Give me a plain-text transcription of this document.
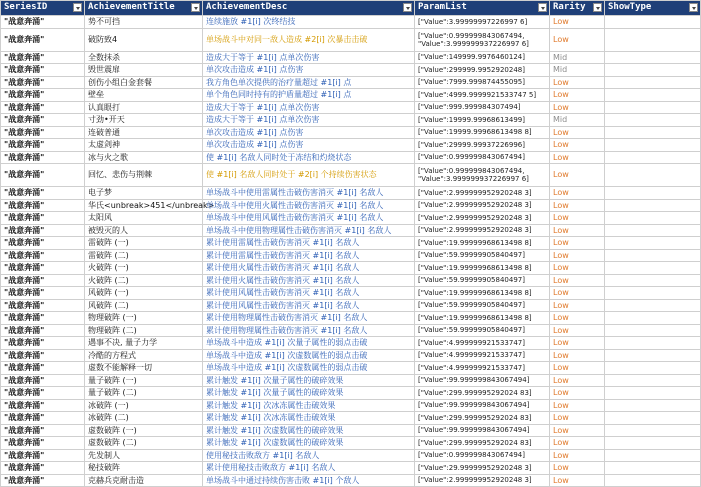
SeriesID	AchievementTitle	AchievementDesc	ParamList	Rarity	ShowType

"战意奔涌"	势不可挡	连续施放 #1[i] 次终结技	["Value":3.99999997226997 6]	Low	
"战意奔涌"	破防致4	单场战斗中对同一敌人造成 #2[i] 次暴击击破	["Value":0.999999843067494,
"Value":3.999999937226997 6]	Low	
"战意奔涌"	全数抹杀	造成大于等于 #1[i] 点单次伤害	["Value":149999.9976460124]	Mid	
"战意奔涌"	毁世震扉	单次攻击造成 #1[i] 点伤害	["Value":299999.9952920248]	Mid	
"战意奔涌"	创伤小组白金套餐	我方角色单次提供的治疗量超过 #1[i] 点	["Value":7999.999874455095]	Low	
"战意奔涌"	壁垒	单个角色同时持有的护盾量超过 #1[i] 点	["Value":4999.9999921533747 5]	Low	
"战意奔涌"	认真眼打	造成大于等于 #1[i] 点单次伤害	["Value":999.999984307494]	Low	
"战意奔涌"	寸劲•开天	造成大于等于 #1[i] 点单次伤害	["Value":19999.99968613499]	Mid	
"战意奔涌"	连破普通	单次攻击造成 #1[i] 点伤害	["Value":19999.99968613498 8]	Low	
"战意奔涌"	太虚剑神	单次攻击造成 #1[i] 点伤害	["Value":29999.99937226996]	Low	
"战意奔涌"	冰与火之歌	使 #1[i] 名敌人同时处于冻结和灼烧状态	["Value":0.999999843067494]	Low	
"战意奔涌"	回忆、悲伤与荆棘	使 #1[i] 名敌人同时处于 #2[i] 个持续伤害状态	["Value":0.999999843067494,
"Value":3.999999937226997 6]	Low	
"战意奔涌"	电子梦	单场战斗中使用雷属性击破伤害消灭 #1[i] 名敌人	["Value":2.999999952920248 3]	Low	
"战意奔涌"	华氏<unbreak>451</unbreak>	单场战斗中使用火属性击破伤害消灭 #1[i] 名敌人	["Value":2.999999952920248 3]	Low	
"战意奔涌"	太阳风	单场战斗中使用风属性击破伤害消灭 #1[i] 名敌人	["Value":2.999999952920248 3]	Low	
"战意奔涌"	被毁灭的人	单场战斗中使用物理属性击破伤害消灭 #1[i] 名敌人	["Value":2.999999952920248 3]	Low	
"战意奔涌"	雷破阵 (一)	累计使用雷属性击破伤害消灭 #1[i] 名敌人	["Value":19.99999968613498 8]	Low	
"战意奔涌"	雷破阵 (二)	累计使用雷属性击破伤害消灭 #1[i] 名敌人	["Value":59.99999905840497]	Low	
"战意奔涌"	火破阵 (一)	累计使用火属性击破伤害消灭 #1[i] 名敌人	["Value":19.99999968613498 8]	Low	
"战意奔涌"	火破阵 (二)	累计使用火属性击破伤害消灭 #1[i] 名敌人	["Value":59.99999905840497]	Low	
"战意奔涌"	风破阵 (一)	累计使用风属性击破伤害消灭 #1[i] 名敌人	["Value":19.99999968613498 8]	Low	
"战意奔涌"	风破阵 (二)	累计使用风属性击破伤害消灭 #1[i] 名敌人	["Value":59.99999905840497]	Low	
"战意奔涌"	物理破阵 (一)	累计使用物理属性击破伤害消灭 #1[i] 名敌人	["Value":19.99999968613498 8]	Low	
"战意奔涌"	物理破阵 (二)	累计使用物理属性击破伤害消灭 #1[i] 名敌人	["Value":59.99999905840497]	Low	
"战意奔涌"	遇事不决, 量子力学	单场战斗中造成 #1[i] 次量子属性的弱点击破	["Value":4.999999921533747]	Low	
"战意奔涌"	冷酷的方程式	单场战斗中造成 #1[i] 次虚数属性的弱点击破	["Value":4.999999921533747]	Low	
"战意奔涌"	虚数不能解释一切	单场战斗中造成 #1[i] 次虚数属性的弱点击破	["Value":4.999999921533747]	Low	
"战意奔涌"	量子破阵 (一)	累计触发 #1[i] 次量子属性的破碎效果	["Value":99.999999843067494]	Low	
"战意奔涌"	量子破阵 (二)	累计触发 #1[i] 次量子属性的破碎效果	["Value":299.999995292024 83]	Low	
"战意奔涌"	冰破阵 (一)	累计触发 #1[i] 次冰冻属性击破效果	["Value":99.999999843067494]	Low	
"战意奔涌"	冰破阵 (二)	累计触发 #1[i] 次冰冻属性击破效果	["Value":299.999995292024 83]	Low	
"战意奔涌"	虚数破阵 (一)	累计触发 #1[i] 次虚数属性的破碎效果	["Value":99.999999843067494]	Low	
"战意奔涌"	虚数破阵 (二)	累计触发 #1[i] 次虚数属性的破碎效果	["Value":299.999995292024 83]	Low	
"战意奔涌"	先发制人	使用秘技击败敌方 #1[i] 名敌人	["Value":0.999999843067494]	Low	
"战意奔涌"	秘技破阵	累计使用秘技击败敌方 #1[i] 名敌人	["Value":29.99999952920248 3]	Low	
"战意奔涌"	克赫兵克耐击造	单场战斗中通过持续伤害击败 #1[i] 个敌人	["Value":2.999999952920248 3]	Low	
